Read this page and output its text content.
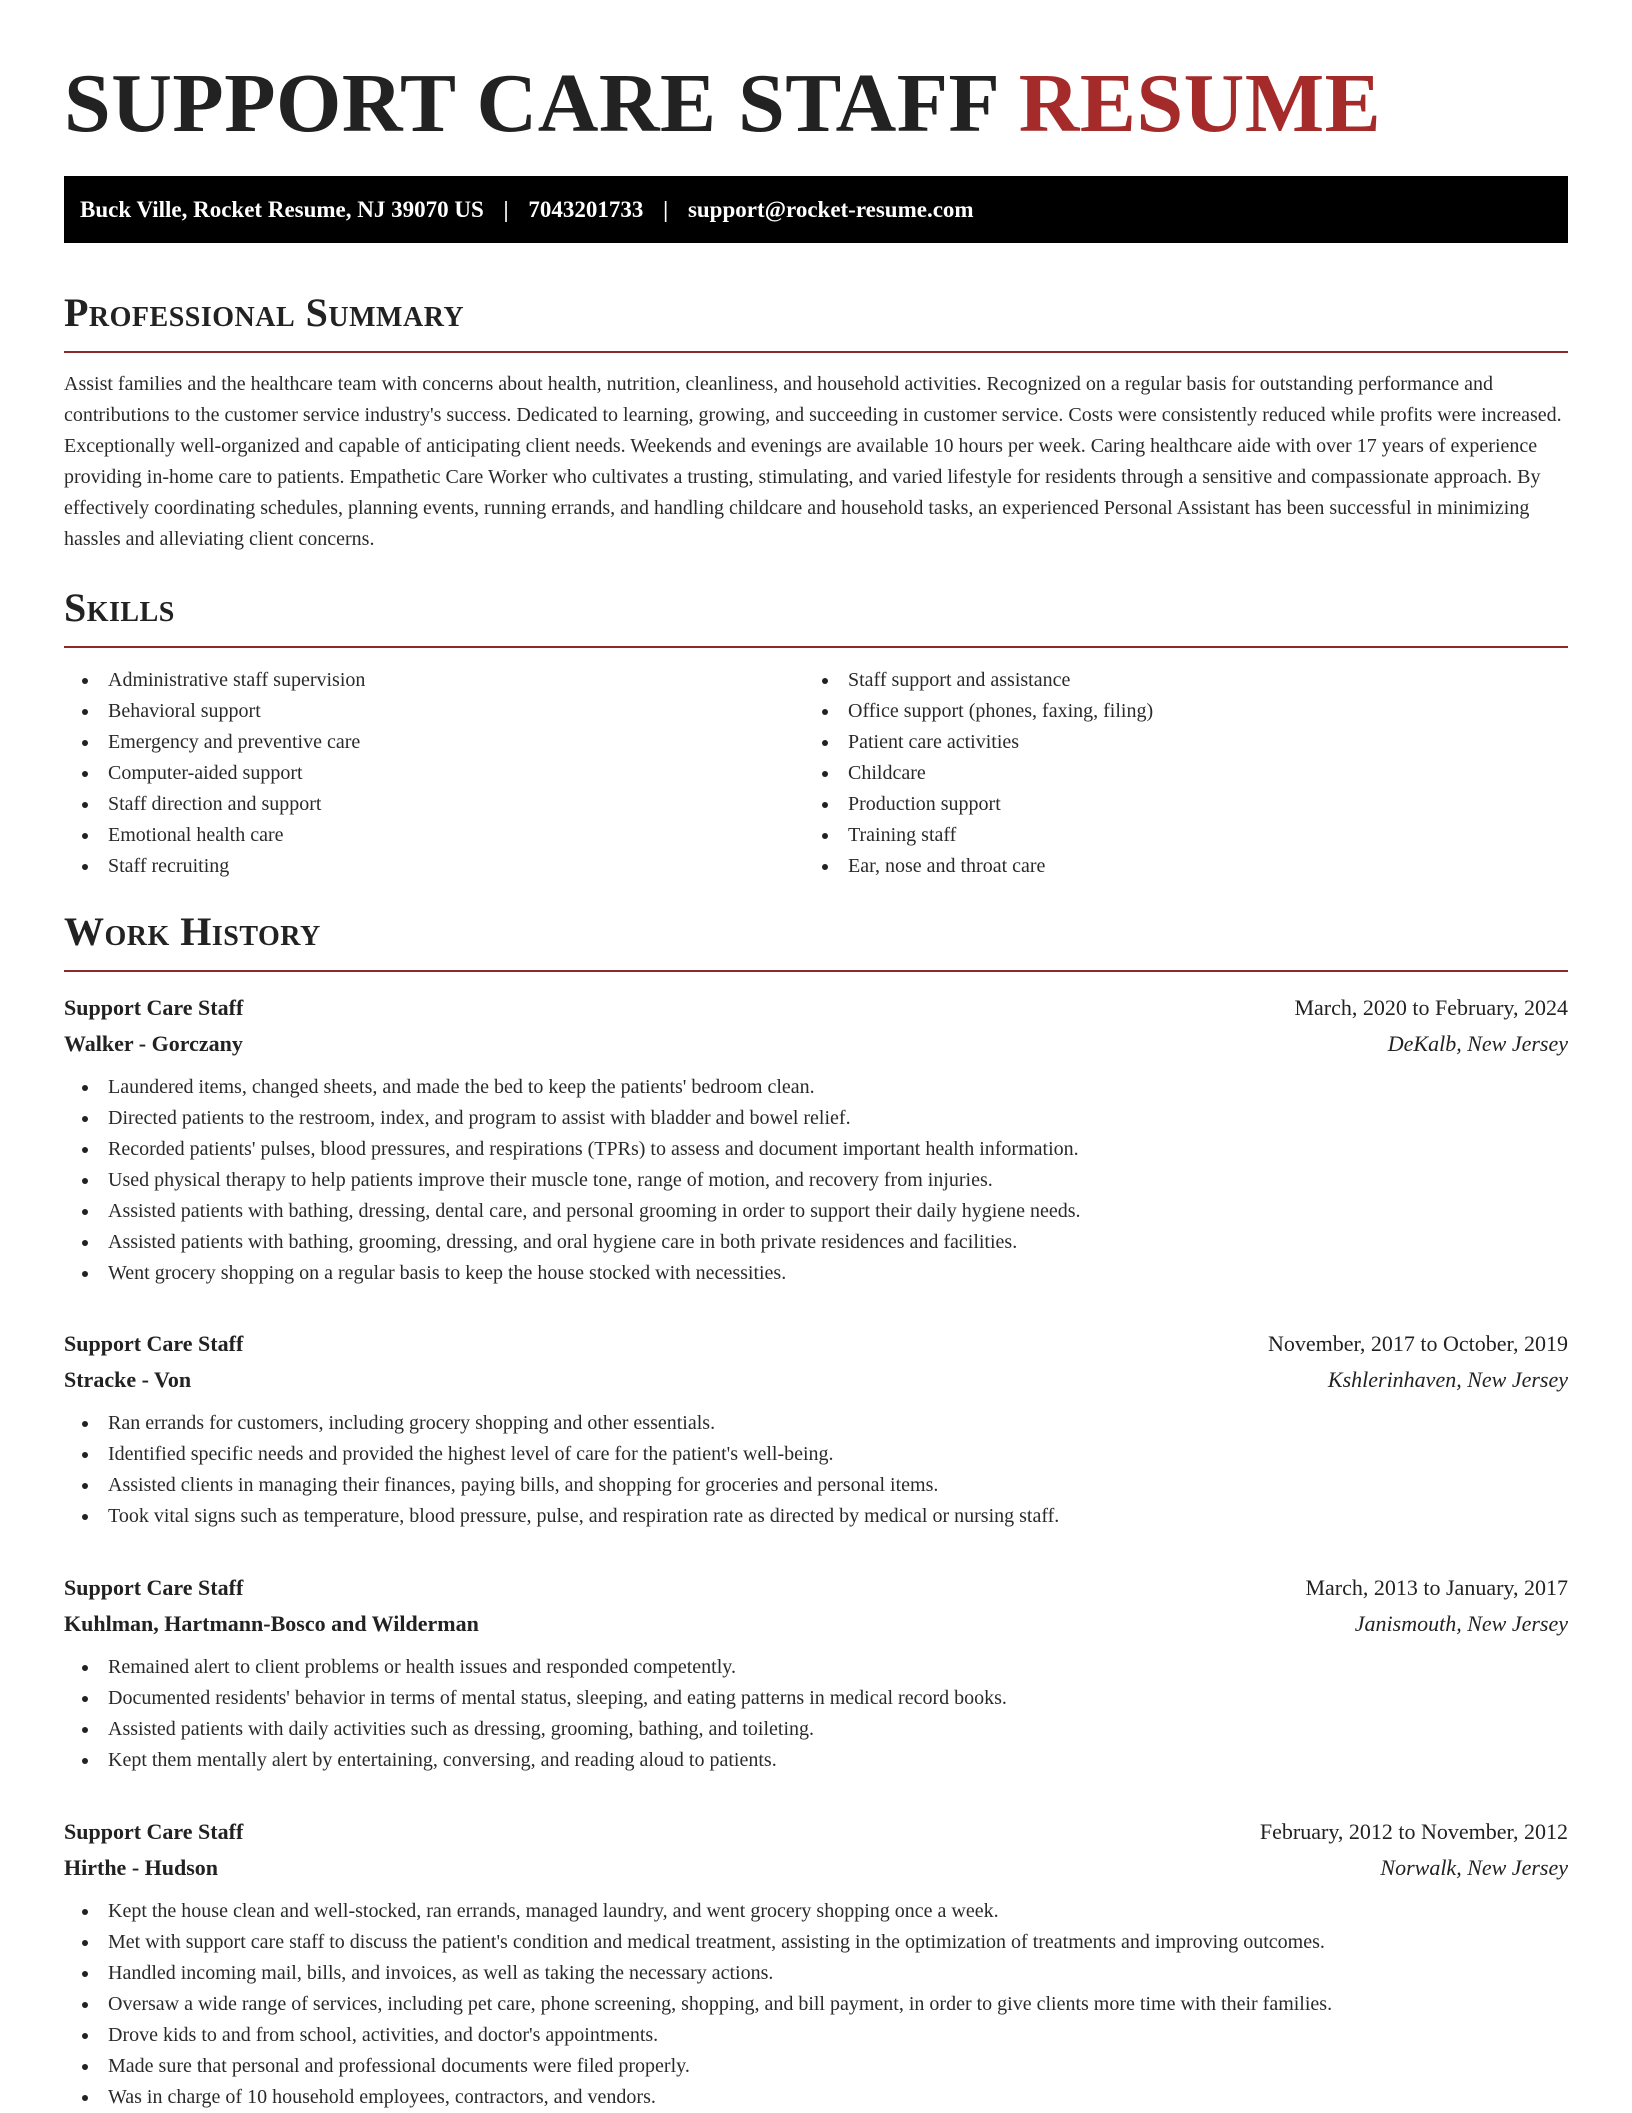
SUPPORT CARE STAFF RESUME
Buck Ville, Rocket Resume, NJ 39070 US | 7043201733 | support@rocket-resume.com
Professional Summary

Assist families and the healthcare team with concerns about health, nutrition, cleanliness, and household activities. Recognized on a regular basis for outstanding performance and contributions to the customer service industry's success. Dedicated to learning, growing, and succeeding in customer service. Costs were consistently reduced while profits were increased. Exceptionally well-organized and capable of anticipating client needs. Weekends and evenings are available 10 hours per week. Caring healthcare aide with over 17 years of experience providing in-home care to patients. Empathetic Care Worker who cultivates a trusting, stimulating, and varied lifestyle for residents through a sensitive and compassionate approach. By effectively coordinating schedules, planning events, running errands, and handling childcare and household tasks, an experienced Personal Assistant has been successful in minimizing hassles and alleviating client concerns.

Skills
Administrative staff supervision
Behavioral support
Emergency and preventive care
Computer-aided support
Staff direction and support
Emotional health care
Staff recruiting
Staff support and assistance
Office support (phones, faxing, filing)
Patient care activities
Childcare
Production support
Training staff
Ear, nose and throat care
Work History
Support Care Staff	March, 2020 to February, 2024
Walker - Gorczany	DeKalb, New Jersey
Laundered items, changed sheets, and made the bed to keep the patients' bedroom clean.
Directed patients to the restroom, index, and program to assist with bladder and bowel relief.
Recorded patients' pulses, blood pressures, and respirations (TPRs) to assess and document important health information.
Used physical therapy to help patients improve their muscle tone, range of motion, and recovery from injuries.
Assisted patients with bathing, dressing, dental care, and personal grooming in order to support their daily hygiene needs.
Assisted patients with bathing, grooming, dressing, and oral hygiene care in both private residences and facilities.
Went grocery shopping on a regular basis to keep the house stocked with necessities.
Support Care Staff	November, 2017 to October, 2019
Stracke - Von	Kshlerinhaven, New Jersey
Ran errands for customers, including grocery shopping and other essentials.
Identified specific needs and provided the highest level of care for the patient's well-being.
Assisted clients in managing their finances, paying bills, and shopping for groceries and personal items.
Took vital signs such as temperature, blood pressure, pulse, and respiration rate as directed by medical or nursing staff.
Support Care Staff	March, 2013 to January, 2017
Kuhlman, Hartmann-Bosco and Wilderman	Janismouth, New Jersey
Remained alert to client problems or health issues and responded competently.
Documented residents' behavior in terms of mental status, sleeping, and eating patterns in medical record books.
Assisted patients with daily activities such as dressing, grooming, bathing, and toileting.
Kept them mentally alert by entertaining, conversing, and reading aloud to patients.
Support Care Staff	February, 2012 to November, 2012
Hirthe - Hudson	Norwalk, New Jersey
Kept the house clean and well-stocked, ran errands, managed laundry, and went grocery shopping once a week.
Met with support care staff to discuss the patient's condition and medical treatment, assisting in the optimization of treatments and improving outcomes.
Handled incoming mail, bills, and invoices, as well as taking the necessary actions.
Oversaw a wide range of services, including pet care, phone screening, shopping, and bill payment, in order to give clients more time with their families.
Drove kids to and from school, activities, and doctor's appointments.
Made sure that personal and professional documents were filed properly.
Was in charge of 10 household employees, contractors, and vendors.
